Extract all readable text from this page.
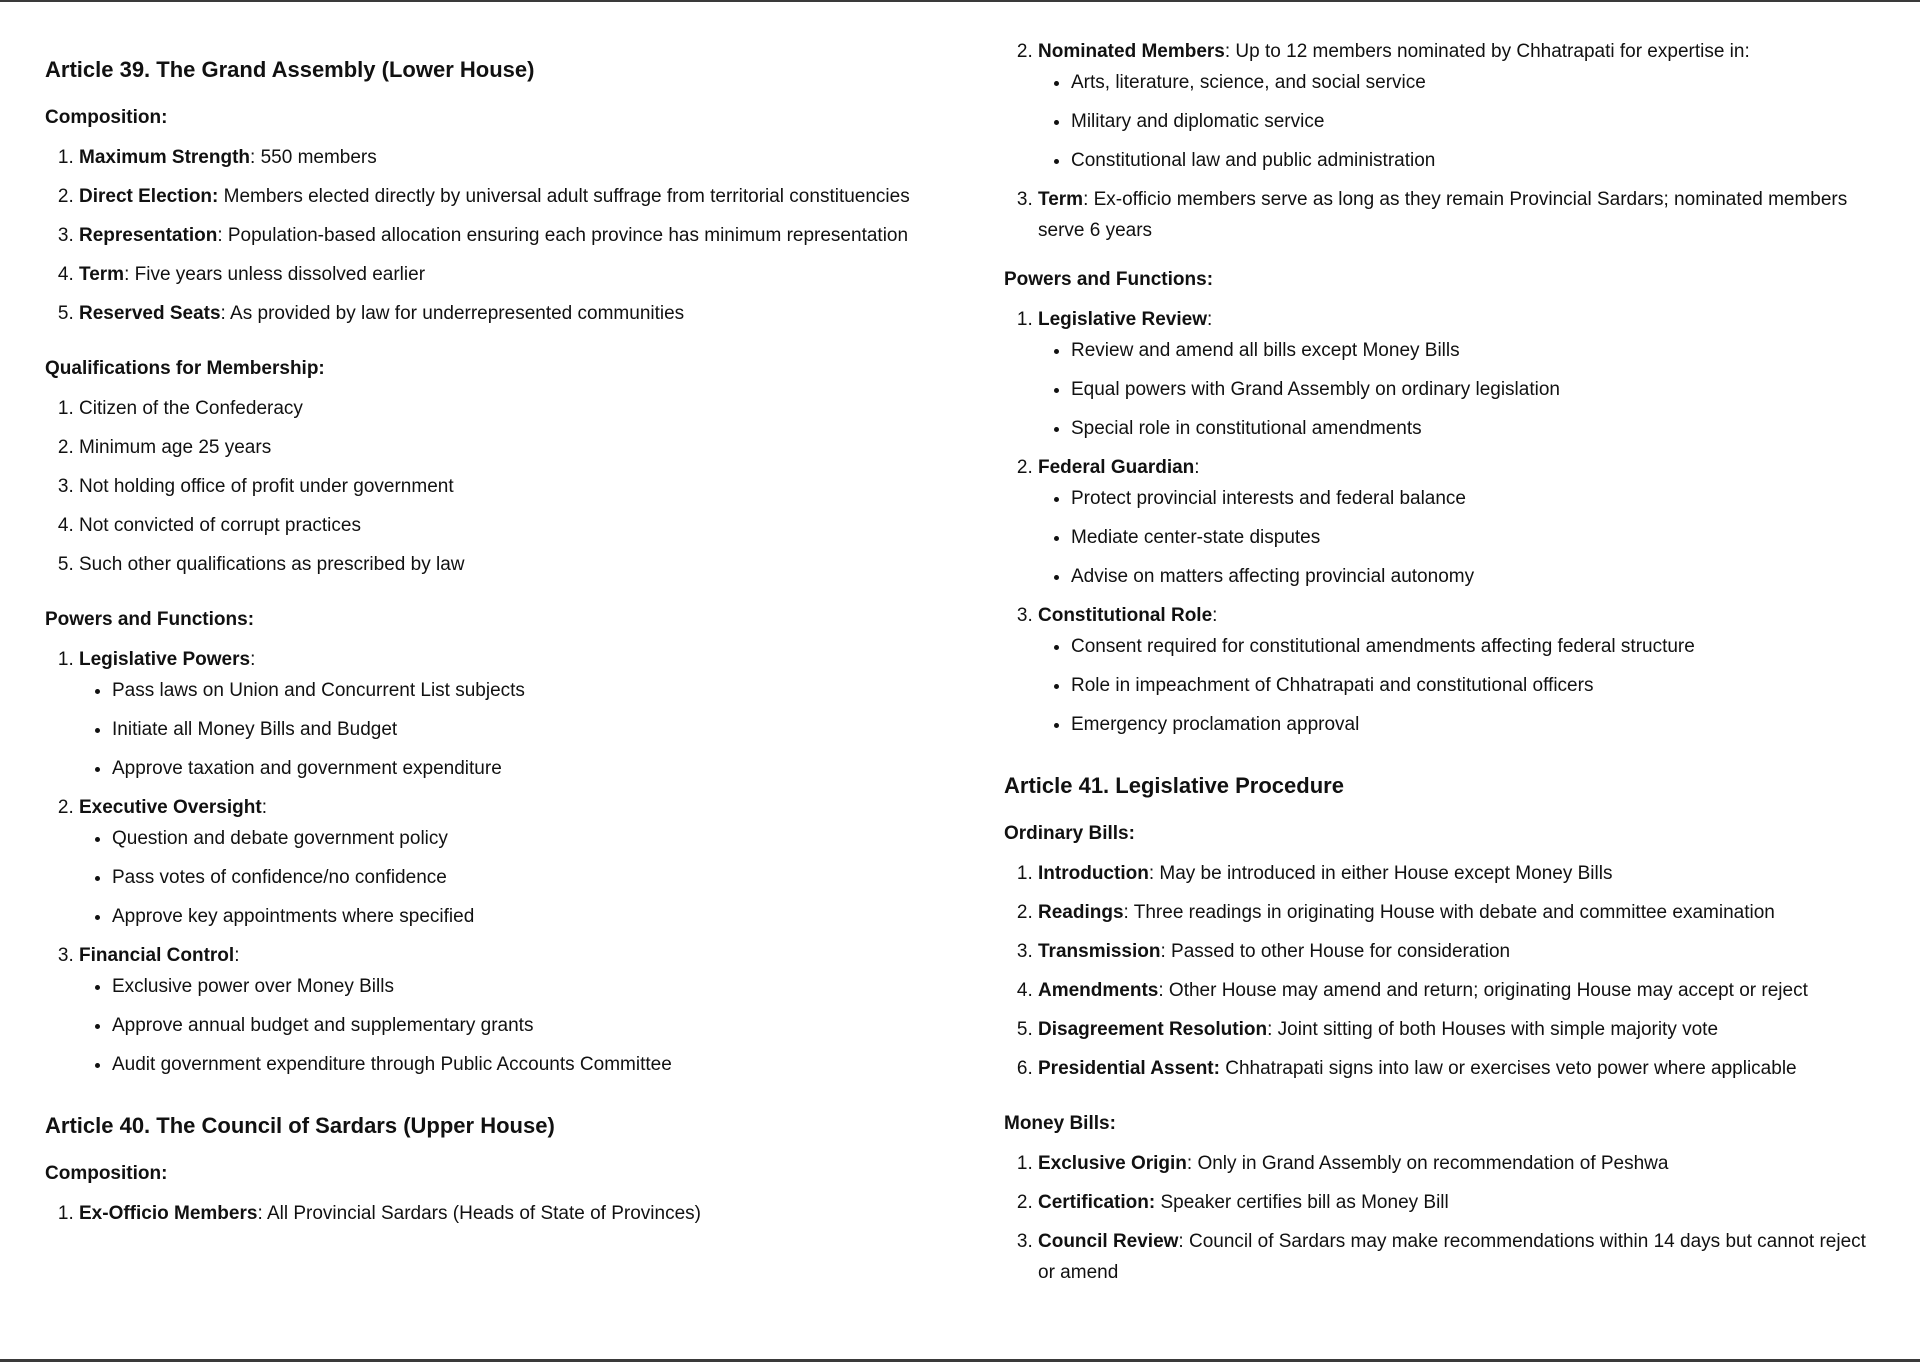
Article 39. The Grand Assembly (Lower House)
Composition:
1. Maximum Strength: 550 members
2. Direct Election: Members elected directly by universal adult suffrage from territorial constituencies
3. Representation: Population-based allocation ensuring each province has minimum representation
4. Term: Five years unless dissolved earlier
5. Reserved Seats: As provided by law for underrepresented communities
Qualifications for Membership:
1. Citizen of the Confederacy
2. Minimum age 25 years
3. Not holding office of profit under government
4. Not convicted of corrupt practices
5. Such other qualifications as prescribed by law
Powers and Functions:
1. Legislative Powers:
• Pass laws on Union and Concurrent List subjects
• Initiate all Money Bills and Budget
• Approve taxation and government expenditure
2. Executive Oversight:
• Question and debate government policy
• Pass votes of confidence/no confidence
• Approve key appointments where specified
3. Financial Control:
• Exclusive power over Money Bills
• Approve annual budget and supplementary grants
• Audit government expenditure through Public Accounts Committee
Article 40. The Council of Sardars (Upper House)
Composition:
1. Ex-Officio Members: All Provincial Sardars (Heads of State of Provinces)
2. Nominated Members: Up to 12 members nominated by Chhatrapati for expertise in:
• Arts, literature, science, and social service
• Military and diplomatic service
• Constitutional law and public administration
3. Term: Ex-officio members serve as long as they remain Provincial Sardars; nominated members serve 6 years
Powers and Functions:
1. Legislative Review:
• Review and amend all bills except Money Bills
• Equal powers with Grand Assembly on ordinary legislation
• Special role in constitutional amendments
2. Federal Guardian:
• Protect provincial interests and federal balance
• Mediate center-state disputes
• Advise on matters affecting provincial autonomy
3. Constitutional Role:
• Consent required for constitutional amendments affecting federal structure
• Role in impeachment of Chhatrapati and constitutional officers
• Emergency proclamation approval
Article 41. Legislative Procedure
Ordinary Bills:
1. Introduction: May be introduced in either House except Money Bills
2. Readings: Three readings in originating House with debate and committee examination
3. Transmission: Passed to other House for consideration
4. Amendments: Other House may amend and return; originating House may accept or reject
5. Disagreement Resolution: Joint sitting of both Houses with simple majority vote
6. Presidential Assent: Chhatrapati signs into law or exercises veto power where applicable
Money Bills:
1. Exclusive Origin: Only in Grand Assembly on recommendation of Peshwa
2. Certification: Speaker certifies bill as Money Bill
3. Council Review: Council of Sardars may make recommendations within 14 days but cannot reject or amend
